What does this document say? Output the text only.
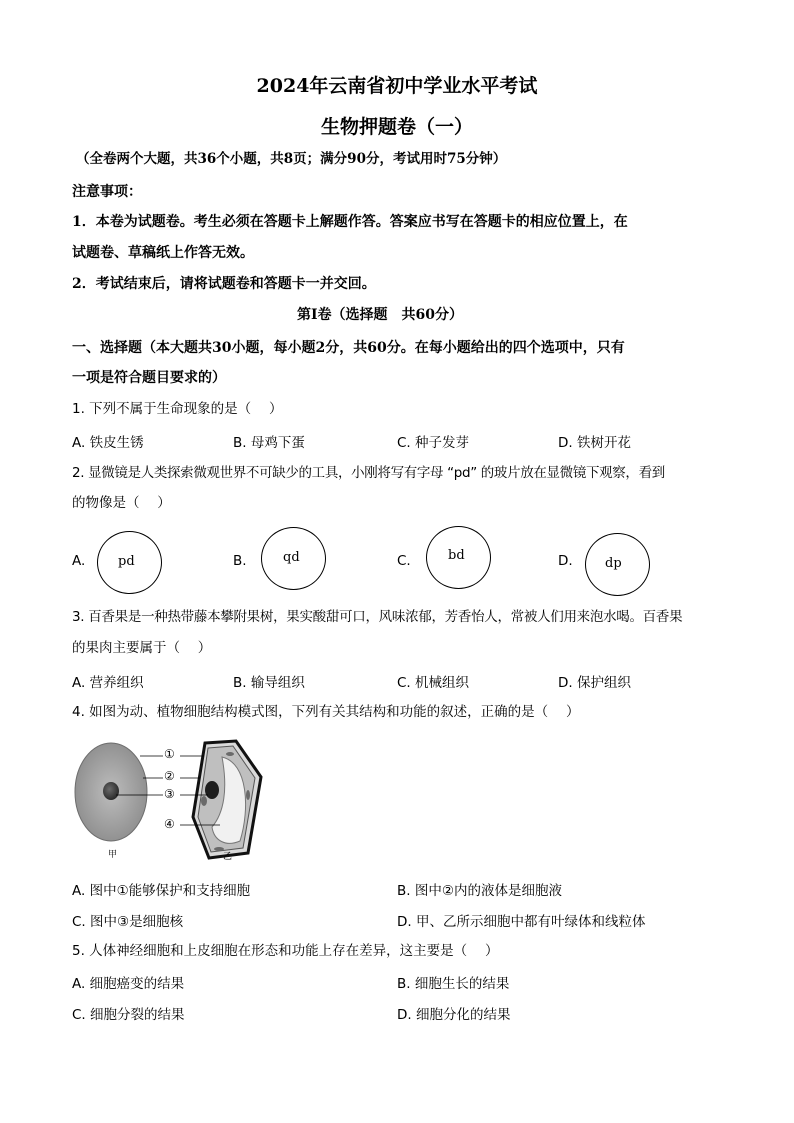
2024年云南省初中学业水平考试
生物押题卷（一）
（全卷两个大题，共36个小题，共8页；满分90分，考试用时75分钟）
注意事项：
1．本卷为试题卷。考生必须在答题卡上解题作答。答案应书写在答题卡的相应位置上，在
试题卷、草稿纸上作答无效。
2．考试结束后，请将试题卷和答题卡一并交回。
第Ⅰ卷（选择题　共60分）
一、选择题（本大题共30小题，每小题2分，共60分。在每小题给出的四个选项中，只有
一项是符合题目要求的）
1. 下列不属于生命现象的是（　 ）
A. 铁皮生锈	B. 母鸡下蛋	C. 种子发芽	D. 铁树开花
2. 显微镜是人类探索微观世界不可缺少的工具，小刚将写有字母 “pd” 的玻片放在显微镜下观察，看到
的物像是（　 ）
A.	pd	B.	qd	C.	bd	D. dp
3. 百香果是一种热带藤本攀附果树，果实酸甜可口，风味浓郁，芳香怡人，常被人们用来泡水喝。百香果
的果肉主要属于（　 ）
A. 营养组织	B. 输导组织	C. 机械组织	D. 保护组织
4. 如图为动、植物细胞结构模式图，下列有关其结构和功能的叙述，正确的是（　 ）
①
②
③
④
甲	乙
A. 图中①能够保护和支持细胞	B. 图中②内的液体是细胞液
C. 图中③是细胞核	D. 甲、乙所示细胞中都有叶绿体和线粒体
5. 人体神经细胞和上皮细胞在形态和功能上存在差异，这主要是（　 ）
A. 细胞癌变的结果	B. 细胞生长的结果
C. 细胞分裂的结果	D. 细胞分化的结果
